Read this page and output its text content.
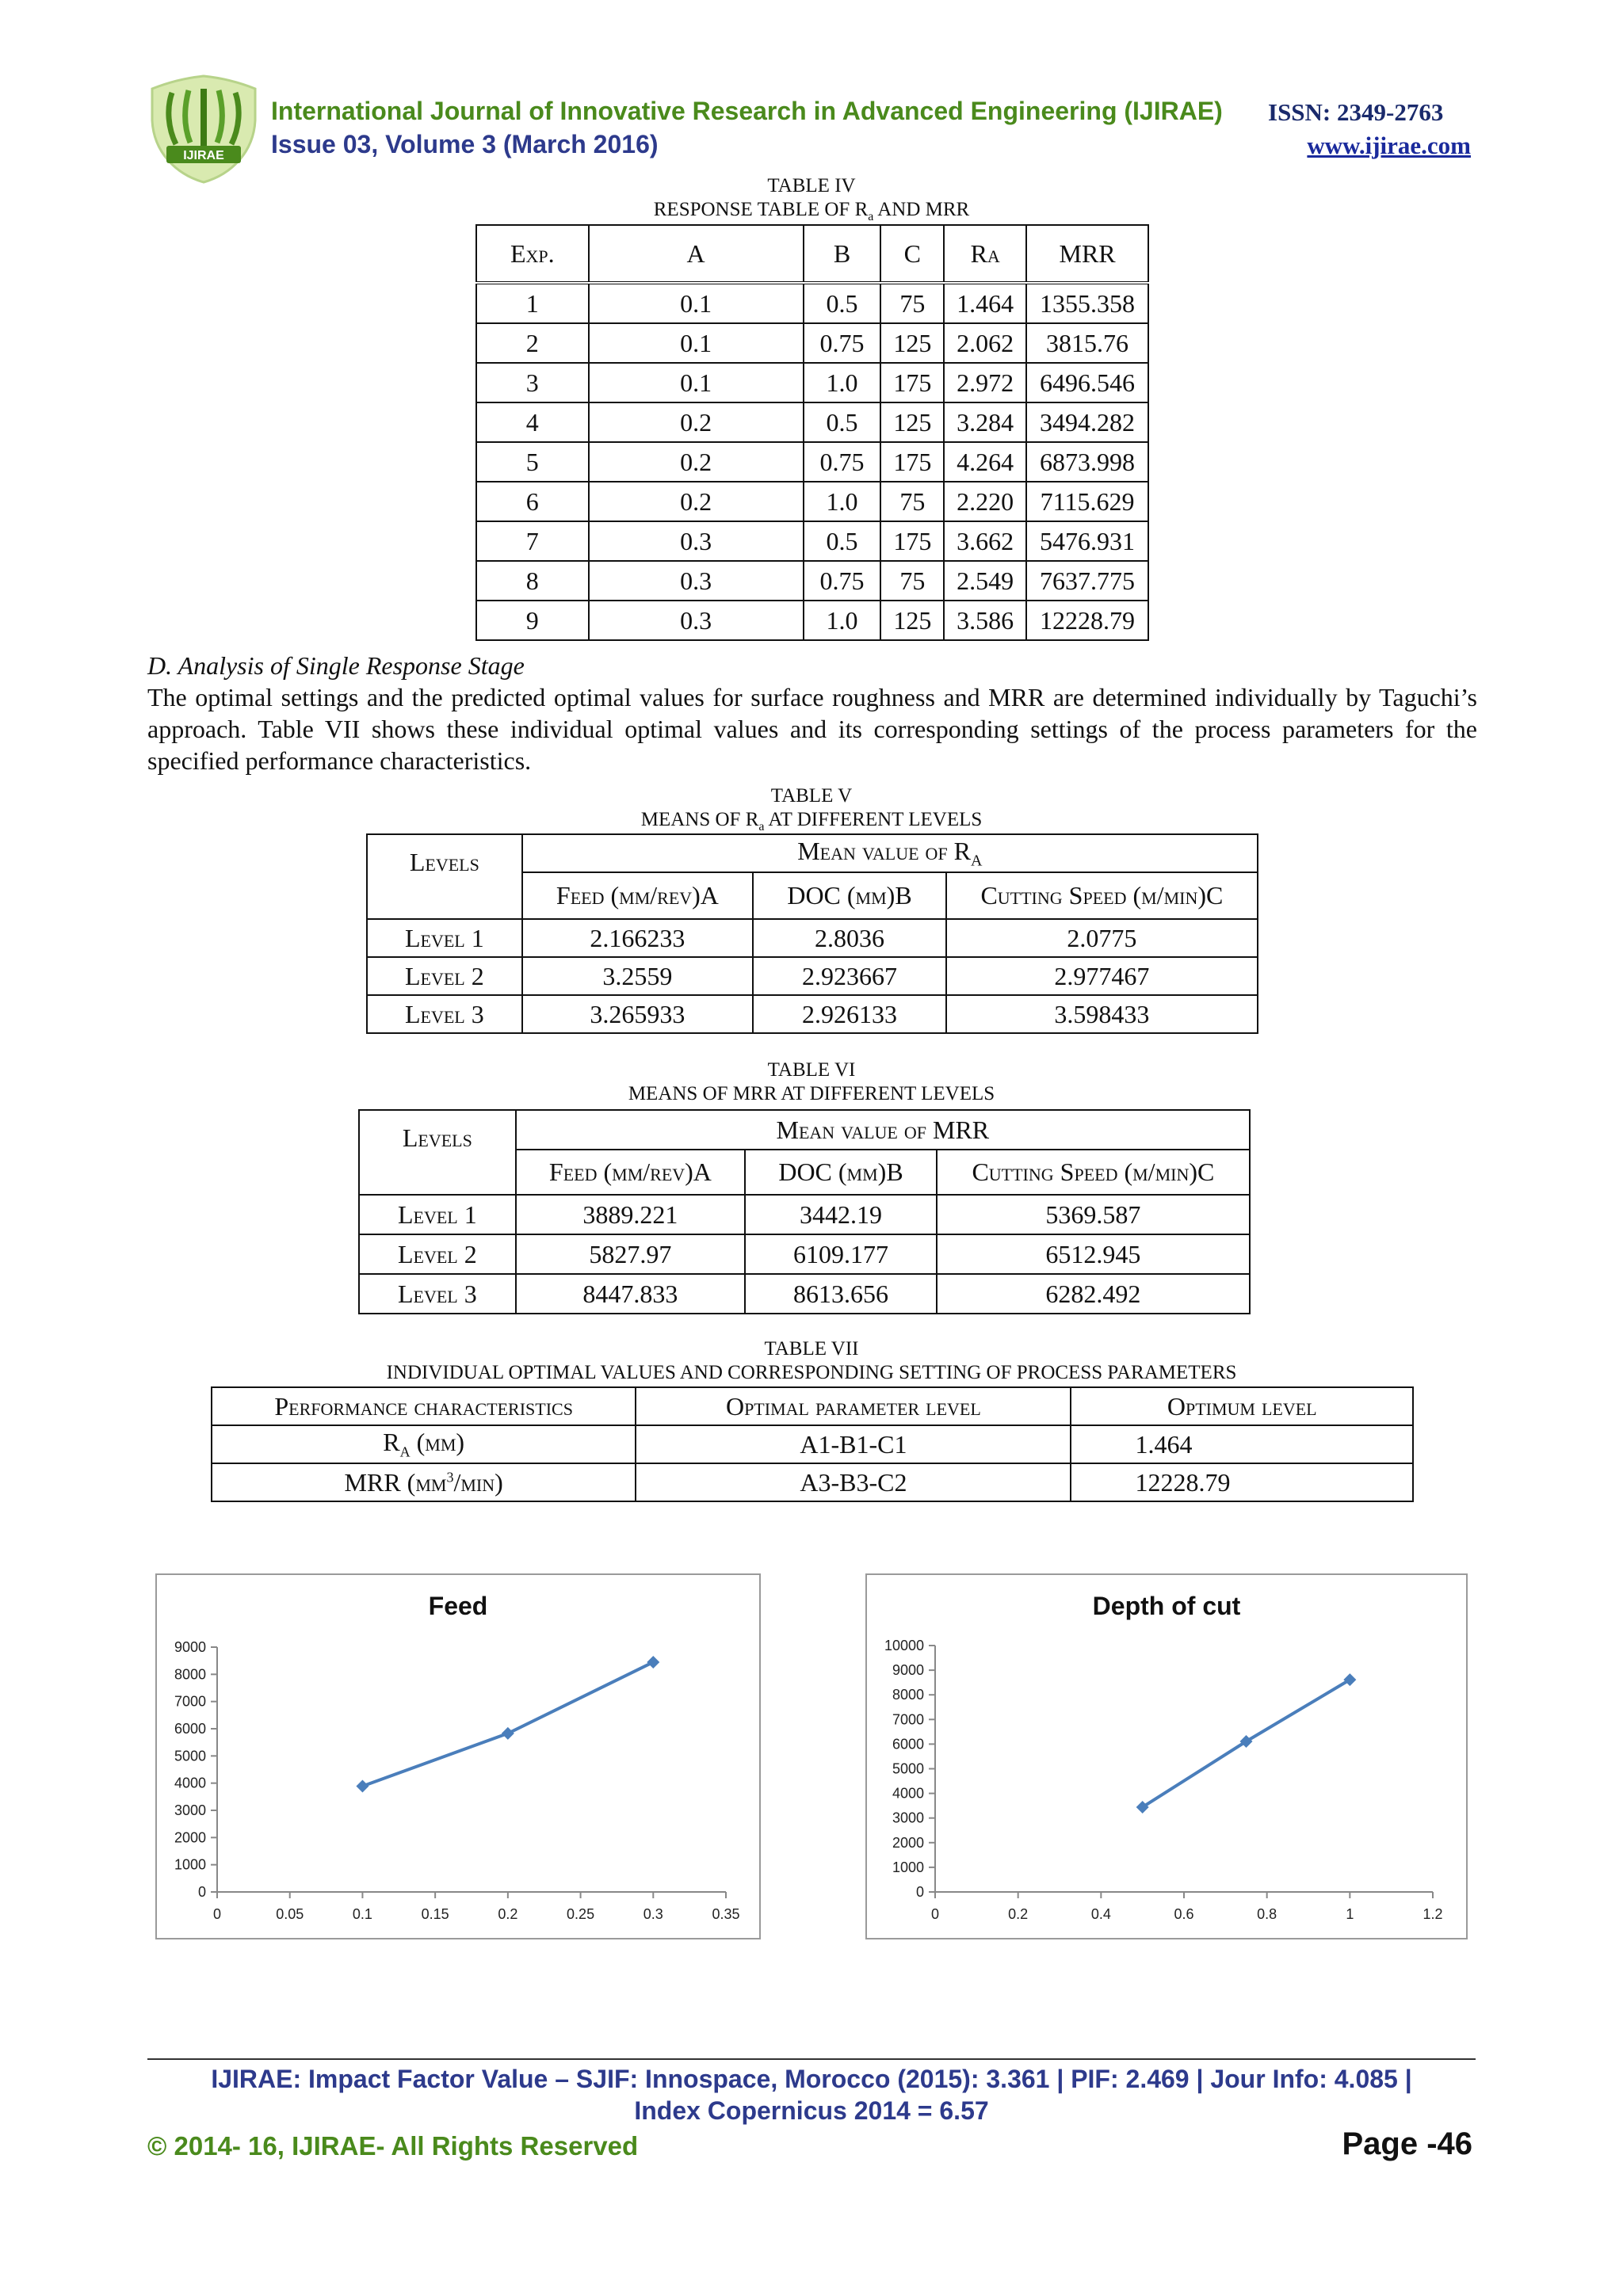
IJIRAE
International Journal of Innovative Research in Advanced Engineering (IJIRAE)
Issue 03, Volume 3 (March 2016)
ISSN: 2349-2763
www.ijirae.com
TABLE IV
RESPONSE TABLE OF $R_a$ AND MRR
Exp.	A	B	C	Ra	MRR
1	0.1	0.5	75	1.464	1355.358
2	0.1	0.75	125	2.062	3815.76
3	0.1	1.0	175	2.972	6496.546
4	0.2	0.5	125	3.284	3494.282
5	0.2	0.75	175	4.264	6873.998
6	0.2	1.0	75	2.220	7115.629
7	0.3	0.5	175	3.662	5476.931
8	0.3	0.75	75	2.549	7637.775
9	0.3	1.0	125	3.586	12228.79
D. Analysis of Single Response Stage
The optimal settings and the predicted optimal values for surface roughness and MRR are determined individually by Taguchi’s approach. Table VII shows these individual optimal values and its corresponding settings of the process parameters for the specified performance characteristics.
TABLE V
MEANS OF $R_a$ AT DIFFERENT LEVELS
Levels	Mean value of $R_A$
	Feed (mm/rev)A	DOC (mm)B	Cutting Speed (m/min)C
Level 1	2.166233	2.8036	2.0775
Level 2	3.2559	2.923667	2.977467
Level 3	3.265933	2.926133	3.598433
TABLE VI
MEANS OF MRR AT DIFFERENT LEVELS
Levels	Mean value of MRR		
	Feed (mm/rev)A	DOC (mm)B	Cutting Speed (m/min)C
Level 1	3889.221	3442.19	5369.587
Level 2	5827.97	6109.177	6512.945
Level 3	8447.833	8613.656	6282.492
TABLE VII
INDIVIDUAL OPTIMAL VALUES AND CORRESPONDING SETTING OF PROCESS PARAMETERS
Performance characteristics	Optimal parameter level	Optimum level
$R_A$ (μm)	A1-B1-C1	1.464
MRR $(mm^3/\min)$	A3-B3-C2	12228.79
Feed
0
1000
2000
3000
4000
5000
6000
7000
8000
9000
0	0.05	0.1	0.15	0.2	0.25	0.3	0.35
Depth of cut
0
1000
2000
3000
4000
5000
6000
7000
8000
9000
10000
0	0.2	0.4	0.6	0.8	1	1.2
IJIRAE: Impact Factor Value – SJIF: Innospace, Morocco (2015): 3.361 | PIF: 2.469 | Jour Info: 4.085 |
Index Copernicus 2014 = 6.57
© 2014- 16, IJIRAE- All Rights Reserved	Page -46
